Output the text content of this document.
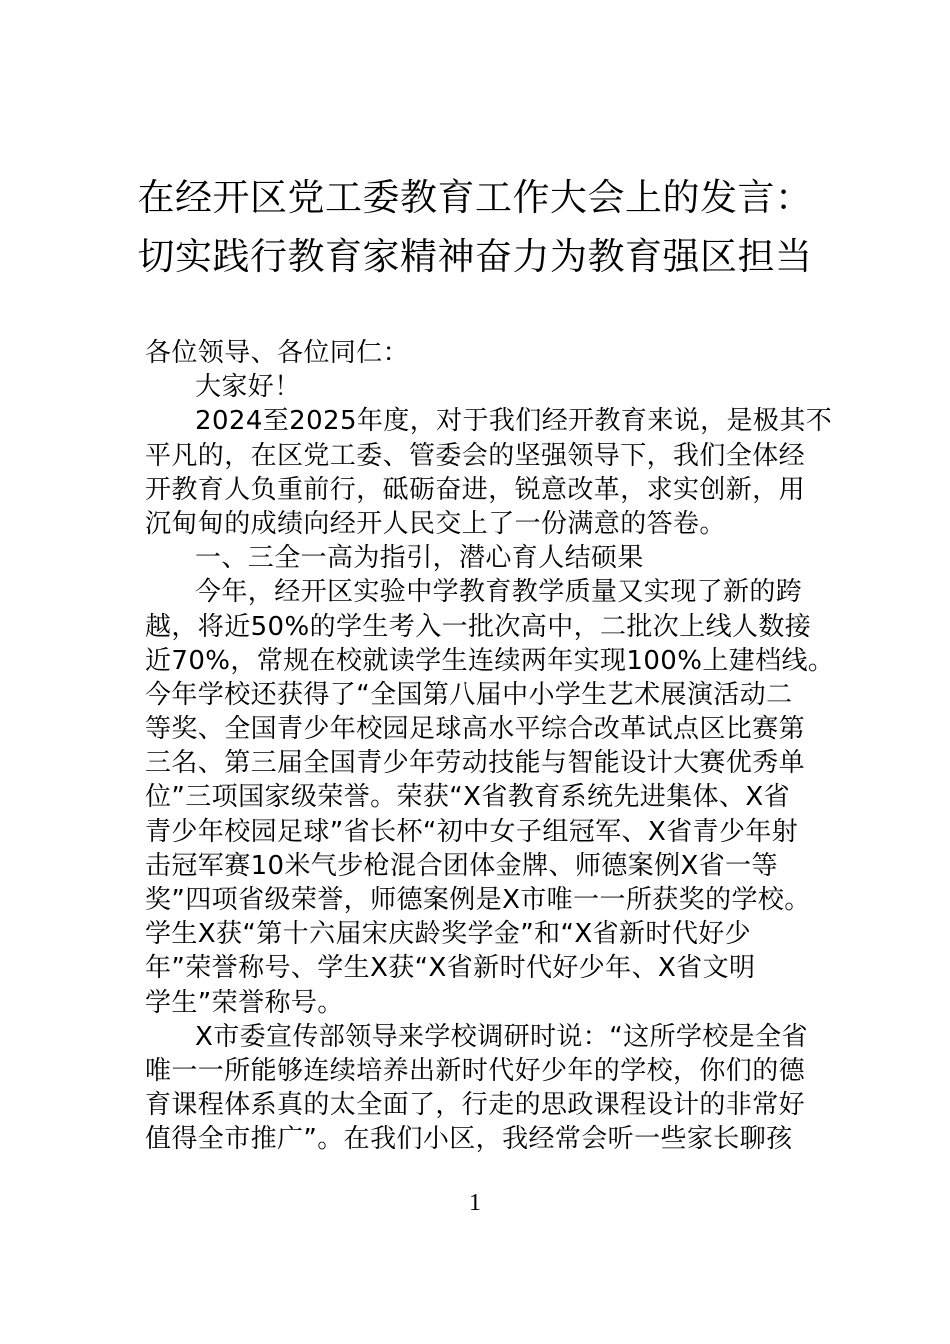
在经开区党工委教育工作大会上的发言：
切实践行教育家精神奋力为教育强区担当
各位领导、各位同仁：
大家好！
2024至2025年度，对于我们经开教育来说，是极其不
平凡的，在区党工委、管委会的坚强领导下，我们全体经
开教育人负重前行，砥砺奋进，锐意改革，求实创新，用
沉甸甸的成绩向经开人民交上了一份满意的答卷。
一、三全一高为指引，潜心育人结硕果
今年，经开区实验中学教育教学质量又实现了新的跨
越，将近50%的学生考入一批次高中，二批次上线人数接
近70%，常规在校就读学生连续两年实现100%上建档线。
今年学校还获得了“全国第八届中小学生艺术展演活动二
等奖、全国青少年校园足球高水平综合改革试点区比赛第
三名、第三届全国青少年劳动技能与智能设计大赛优秀单
位”三项国家级荣誉。荣获“X省教育系统先进集体、X省
青少年校园足球”省长杯“初中女子组冠军、X省青少年射
击冠军赛10米气步枪混合团体金牌、师德案例X省一等
奖”四项省级荣誉，师德案例是X市唯一一所获奖的学校。
学生X获“第十六届宋庆龄奖学金”和“X省新时代好少
年”荣誉称号、学生X获“X省新时代好少年、X省文明
学生”荣誉称号。
X市委宣传部领导来学校调研时说：“这所学校是全省
唯一一所能够连续培养出新时代好少年的学校，你们的德
育课程体系真的太全面了，行走的思政课程设计的非常好
值得全市推广”。在我们小区，我经常会听一些家长聊孩
1
